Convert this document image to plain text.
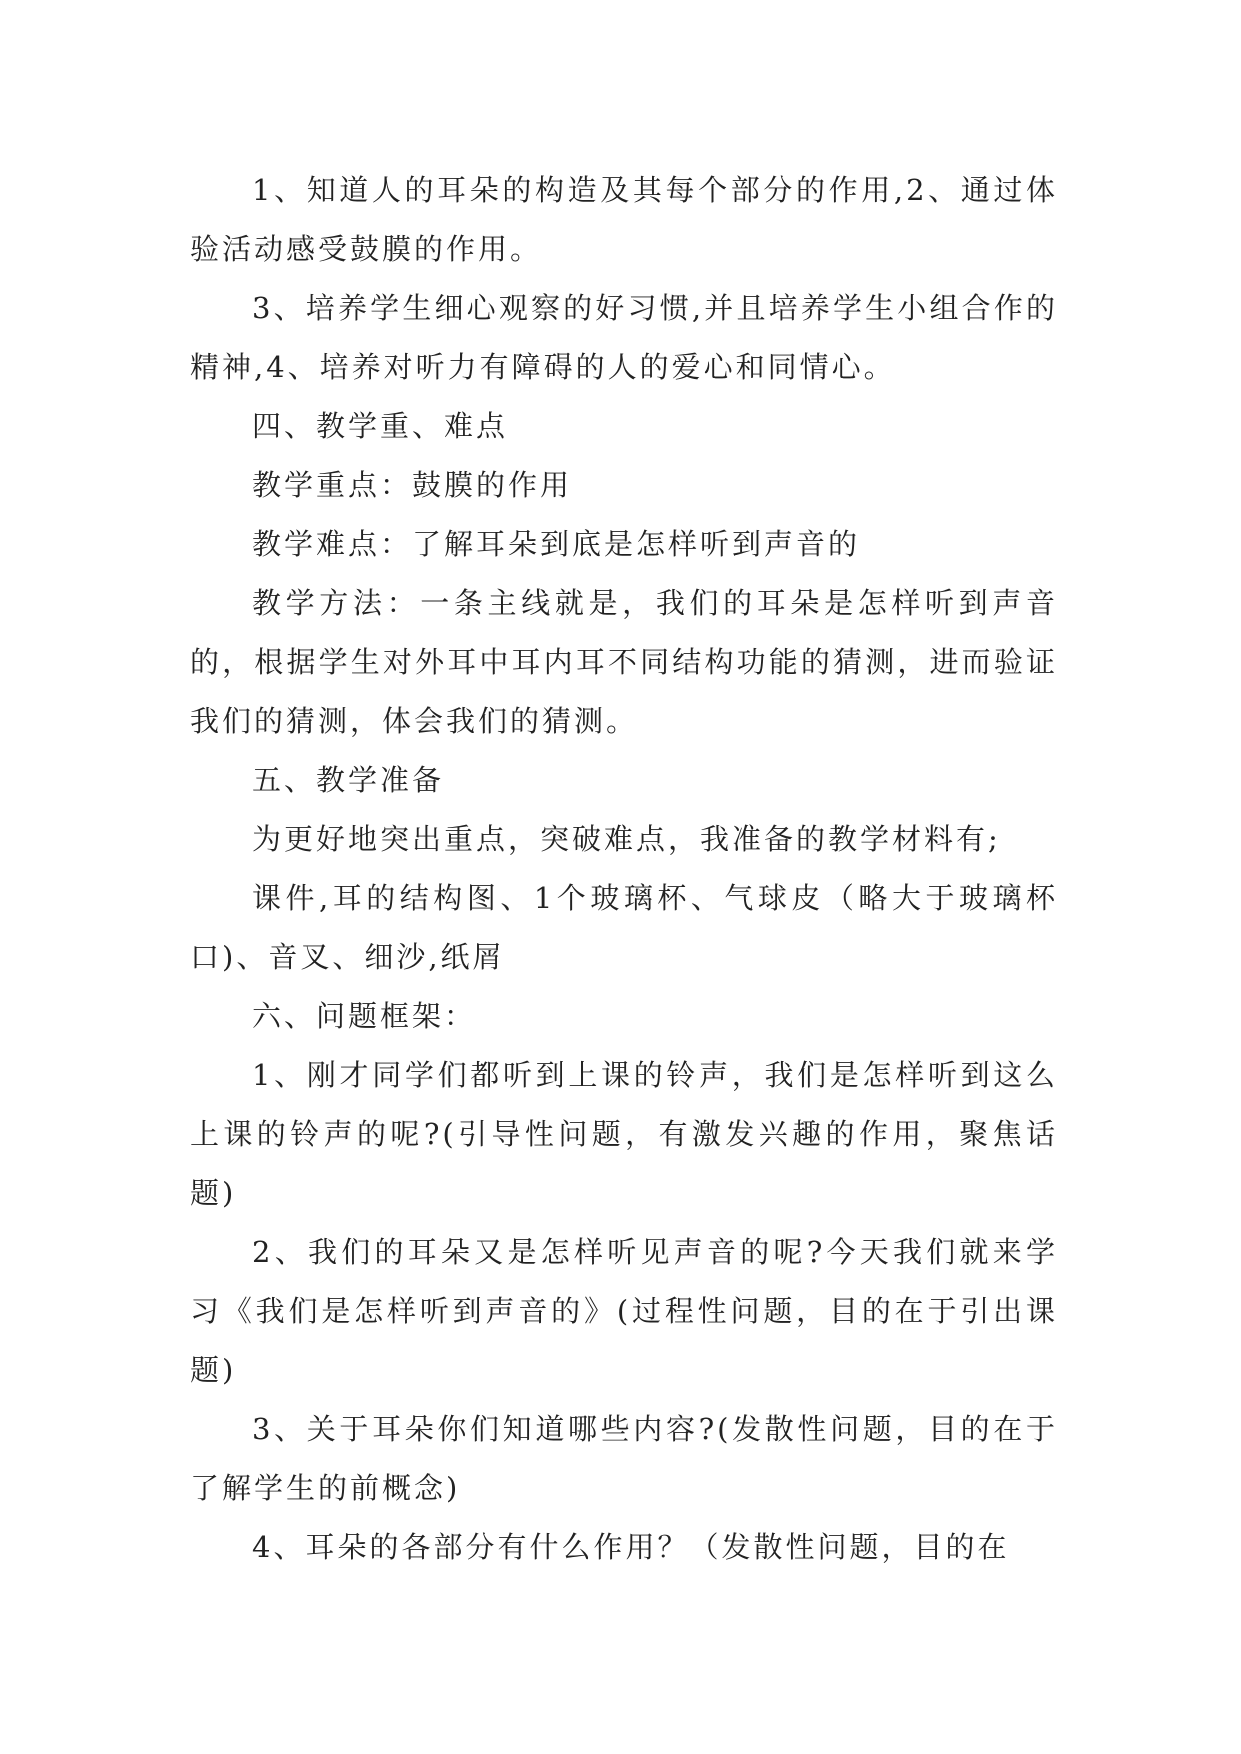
1、知道人的耳朵的构造及其每个部分的作用,2、通过体验活动感受鼓膜的作用。

3、培养学生细心观察的好习惯,并且培养学生小组合作的精神,4、培养对听力有障碍的人的爱心和同情心。

四、教学重、难点

教学重点：鼓膜的作用

教学难点：了解耳朵到底是怎样听到声音的

教学方法：一条主线就是，我们的耳朵是怎样听到声音的，根据学生对外耳中耳内耳不同结构功能的猜测，进而验证我们的猜测，体会我们的猜测。

五、教学准备

为更好地突出重点，突破难点，我准备的教学材料有;

课件,耳的结构图、1个玻璃杯、气球皮（略大于玻璃杯口)、音叉、细沙,纸屑

六、问题框架：

1、刚才同学们都听到上课的铃声，我们是怎样听到这么上课的铃声的呢?(引导性问题，有激发兴趣的作用，聚焦话题)

2、我们的耳朵又是怎样听见声音的呢?今天我们就来学习《我们是怎样听到声音的》(过程性问题，目的在于引出课题)

3、关于耳朵你们知道哪些内容?(发散性问题，目的在于了解学生的前概念)

4、耳朵的各部分有什么作用？（发散性问题，目的在
